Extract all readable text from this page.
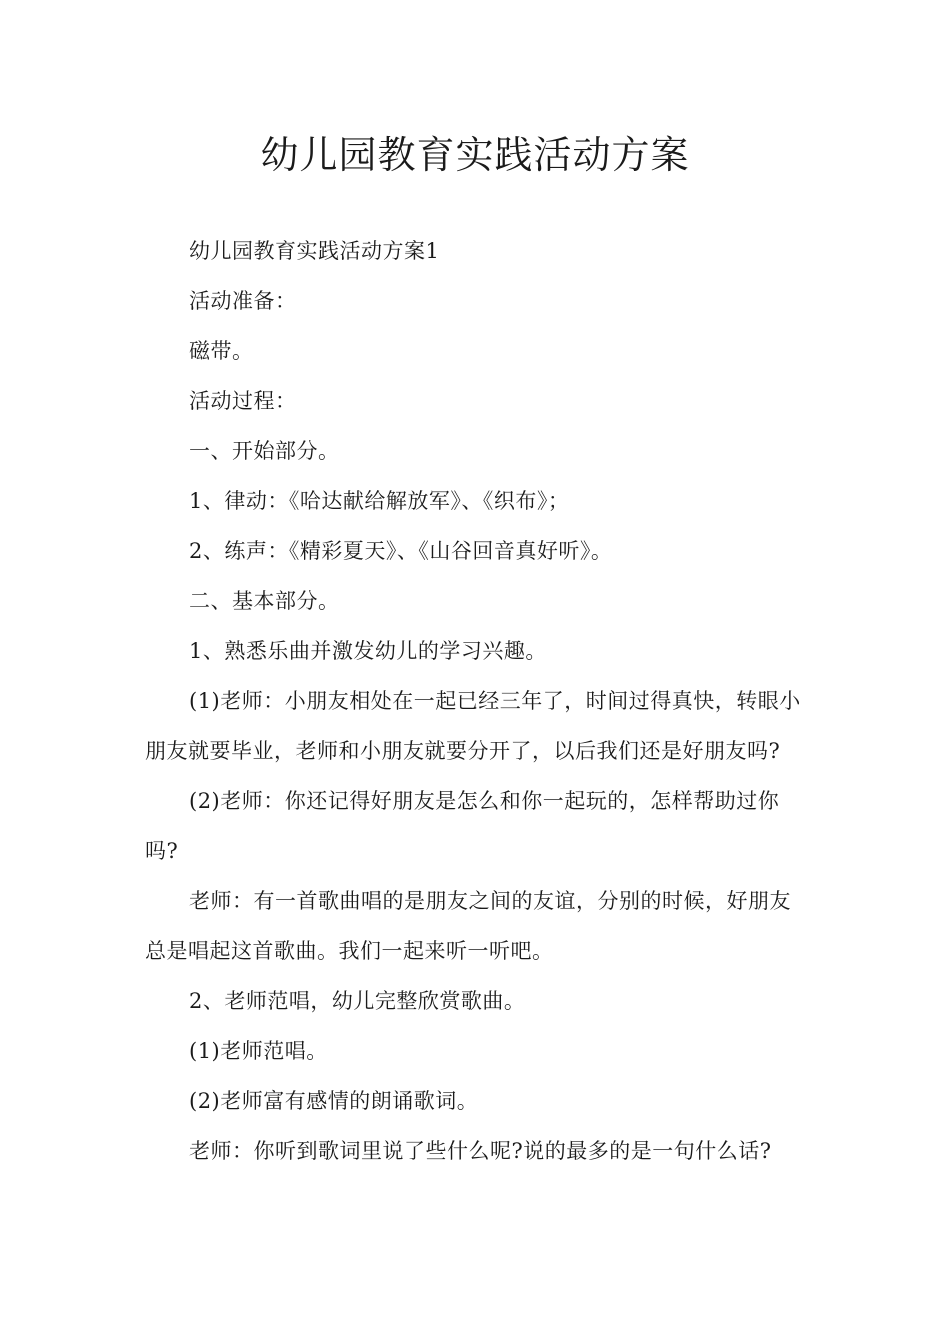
幼儿园教育实践活动方案

幼儿园教育实践活动方案1

活动准备：

磁带。

活动过程：

一、开始部分。

1、律动：《哈达献给解放军》、《织布》；

2、练声：《精彩夏天》、《山谷回音真好听》。

二、基本部分。

1、熟悉乐曲并激发幼儿的学习兴趣。

(1)老师：小朋友相处在一起已经三年了，时间过得真快，转眼小朋友就要毕业，老师和小朋友就要分开了，以后我们还是好朋友吗?

(2)老师：你还记得好朋友是怎么和你一起玩的，怎样帮助过你吗?

老师：有一首歌曲唱的是朋友之间的友谊，分别的时候，好朋友总是唱起这首歌曲。我们一起来听一听吧。

2、老师范唱，幼儿完整欣赏歌曲。

(1)老师范唱。

(2)老师富有感情的朗诵歌词。

老师：你听到歌词里说了些什么呢?说的最多的是一句什么话?
